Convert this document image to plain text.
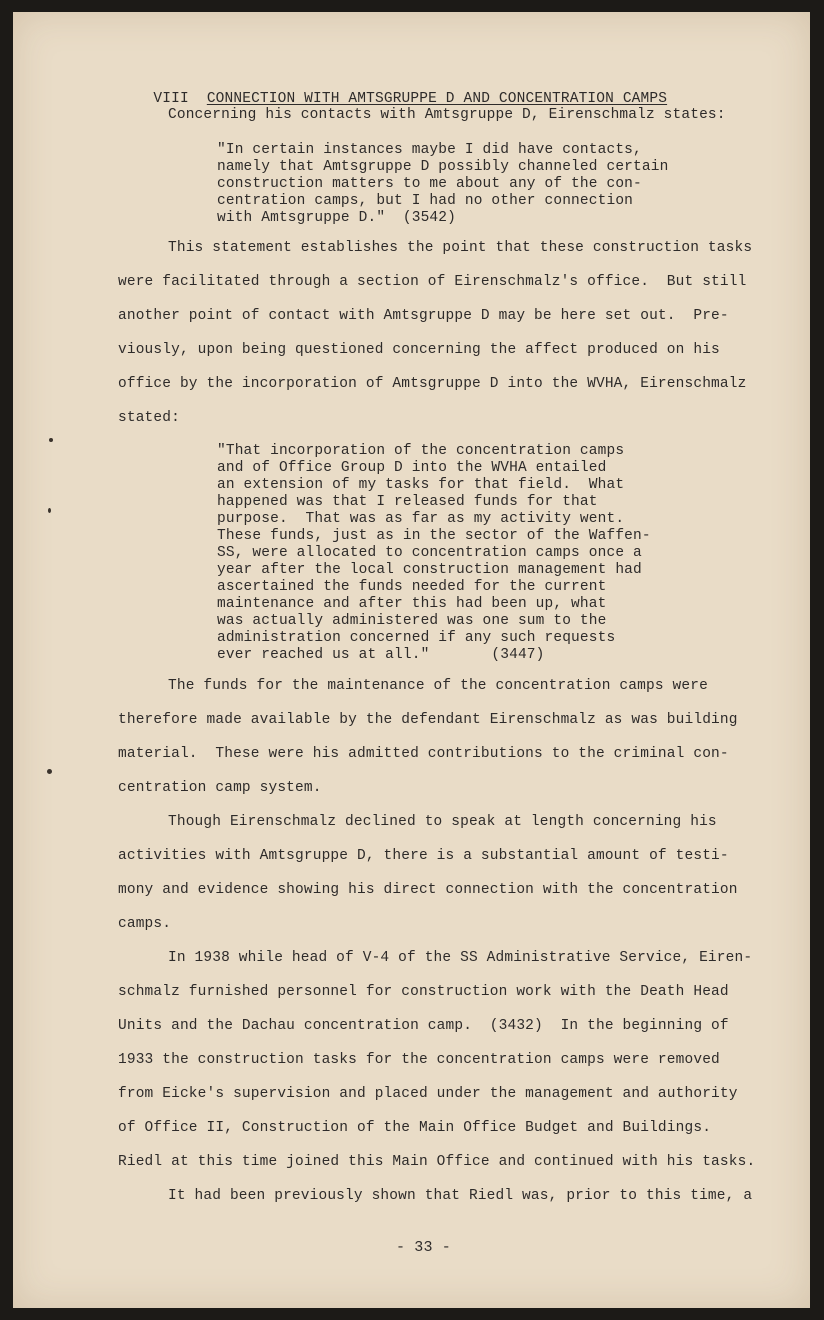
VIII CONNECTION WITH AMTSGRUPPE D AND CONCENTRATION CAMPS

Concerning his contacts with Amtsgruppe D, Eirenschmalz states:
"In certain instances maybe I did have contacts,
namely that Amtsgruppe D possibly channeled certain
construction matters to me about any of the con-
centration camps, but I had no other connection
with Amtsgruppe D."  (3542)
This statement establishes the point that these construction tasks
were facilitated through a section of Eirenschmalz's office.  But still
another point of contact with Amtsgruppe D may be here set out.  Pre-
viously, upon being questioned concerning the affect produced on his
office by the incorporation of Amtsgruppe D into the WVHA, Eirenschmalz
stated:
"That incorporation of the concentration camps
and of Office Group D into the WVHA entailed
an extension of my tasks for that field.  What
happened was that I released funds for that
purpose.  That was as far as my activity went.
These funds, just as in the sector of the Waffen-
SS, were allocated to concentration camps once a
year after the local construction management had
ascertained the funds needed for the current
maintenance and after this had been up, what
was actually administered was one sum to the
administration concerned if any such requests
ever reached us at all."       (3447)
The funds for the maintenance of the concentration camps were
therefore made available by the defendant Eirenschmalz as was building
material.  These were his admitted contributions to the criminal con-
centration camp system.
Though Eirenschmalz declined to speak at length concerning his
activities with Amtsgruppe D, there is a substantial amount of testi-
mony and evidence showing his direct connection with the concentration
camps.
In 1938 while head of V-4 of the SS Administrative Service, Eiren-
schmalz furnished personnel for construction work with the Death Head
Units and the Dachau concentration camp.  (3432)  In the beginning of
1933 the construction tasks for the concentration camps were removed
from Eicke's supervision and placed under the management and authority
of Office II, Construction of the Main Office Budget and Buildings.
Riedl at this time joined this Main Office and continued with his tasks.
It had been previously shown that Riedl was, prior to this time, a
- 33 -
